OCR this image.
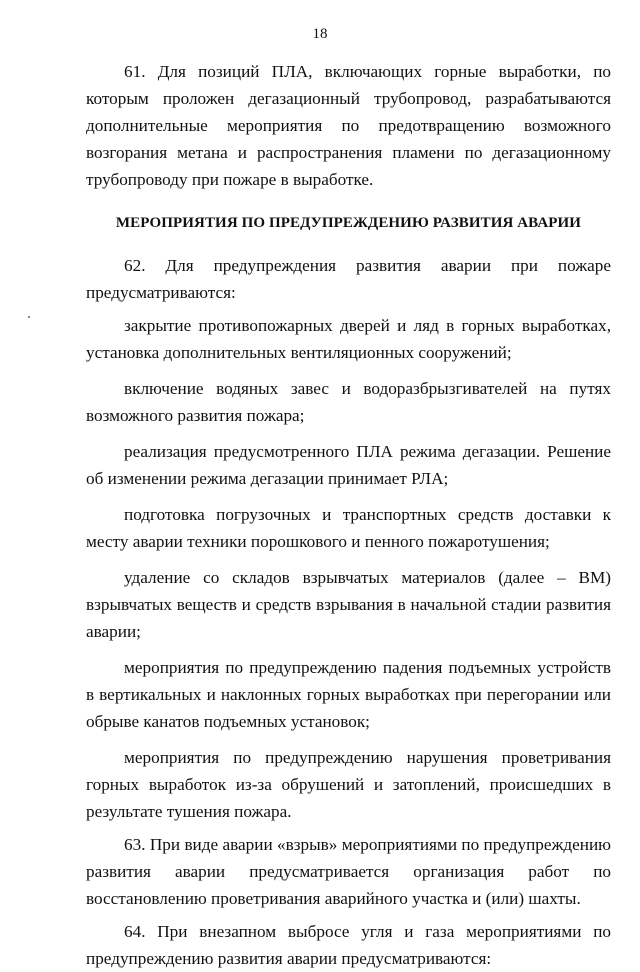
18

61. Для позиций ПЛА, включающих горные выработки, по которым проложен дегазационный трубопровод, разрабатываются дополнительные мероприятия по предотвращению возможного возгорания метана и распространения пламени по дегазационному трубопроводу при пожаре в выработке.

МЕРОПРИЯТИЯ ПО ПРЕДУПРЕЖДЕНИЮ РАЗВИТИЯ АВАРИИ

62. Для предупреждения развития аварии при пожаре предусматриваются:

закрытие противопожарных дверей и ляд в горных выработках, установка дополнительных вентиляционных сооружений;

включение водяных завес и водоразбрызгивателей на путях возможного развития пожара;

реализация предусмотренного ПЛА режима дегазации. Решение об изменении режима дегазации принимает РЛА;

подготовка погрузочных и транспортных средств доставки к месту аварии техники порошкового и пенного пожаротушения;

удаление со складов взрывчатых материалов (далее – ВМ) взрывчатых веществ и средств взрывания в начальной стадии развития аварии;

мероприятия по предупреждению падения подъемных устройств в вертикальных и наклонных горных выработках при перегорании или обрыве канатов подъемных установок;

мероприятия по предупреждению нарушения проветривания горных выработок из-за обрушений и затоплений, происшедших в результате тушения пожара.

63. При виде аварии «взрыв» мероприятиями по предупреждению развития аварии предусматривается организация работ по восстановлению проветривания аварийного участка и (или) шахты.

64. При внезапном выбросе угля и газа мероприятиями по предупреждению развития аварии предусматриваются:
